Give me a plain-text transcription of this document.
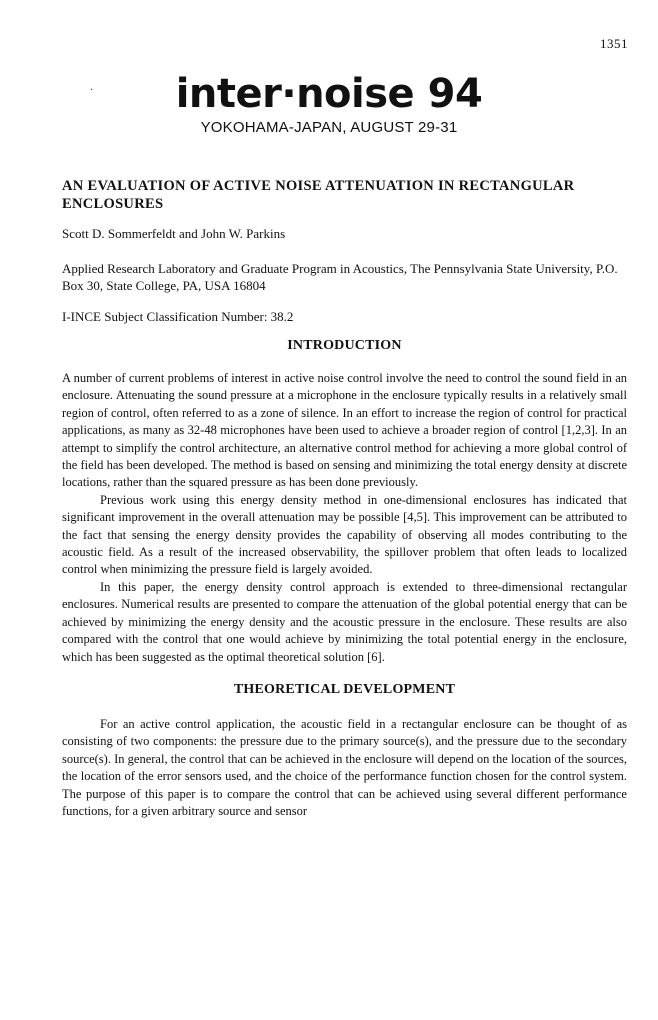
1351
·	inter·noise 94
YOKOHAMA-JAPAN, AUGUST 29-31
AN EVALUATION OF ACTIVE NOISE ATTENUATION IN RECTANGULAR ENCLOSURES
Scott D. Sommerfeldt and John W. Parkins
Applied Research Laboratory and Graduate Program in Acoustics, The Pennsylvania State University, P.O. Box 30, State College, PA, USA 16804
I-INCE Subject Classification Number: 38.2
INTRODUCTION

A number of current problems of interest in active noise control involve the need to control the sound field in an enclosure. Attenuating the sound pressure at a microphone in the enclosure typically results in a relatively small region of control, often referred to as a zone of silence. In an effort to increase the region of control for practical applications, as many as 32-48 microphones have been used to achieve a broader region of control [1,2,3]. In an attempt to simplify the control architecture, an alternative control method for achieving a more global control of the field has been developed. The method is based on sensing and minimizing the total energy density at discrete locations, rather than the squared pressure as has been done previously.

Previous work using this energy density method in one-dimensional enclosures has indicated that significant improvement in the overall attenuation may be possible [4,5]. This improvement can be attributed to the fact that sensing the energy density provides the capability of observing all modes contributing to the acoustic field. As a result of the increased observability, the spillover problem that often leads to localized control when minimizing the pressure field is largely avoided.

In this paper, the energy density control approach is extended to three-dimensional rectangular enclosures. Numerical results are presented to compare the attenuation of the global potential energy that can be achieved by minimizing the energy density and the acoustic pressure in the enclosure. These results are also compared with the control that one would achieve by minimizing the total potential energy in the enclosure, which has been suggested as the optimal theoretical solution [6].

THEORETICAL DEVELOPMENT

For an active control application, the acoustic field in a rectangular enclosure can be thought of as consisting of two components: the pressure due to the primary source(s), and the pressure due to the secondary source(s). In general, the control that can be achieved in the enclosure will depend on the location of the sources, the location of the error sensors used, and the choice of the performance function chosen for the control system. The purpose of this paper is to compare the control that can be achieved using several different performance functions, for a given arbitrary source and sensor
